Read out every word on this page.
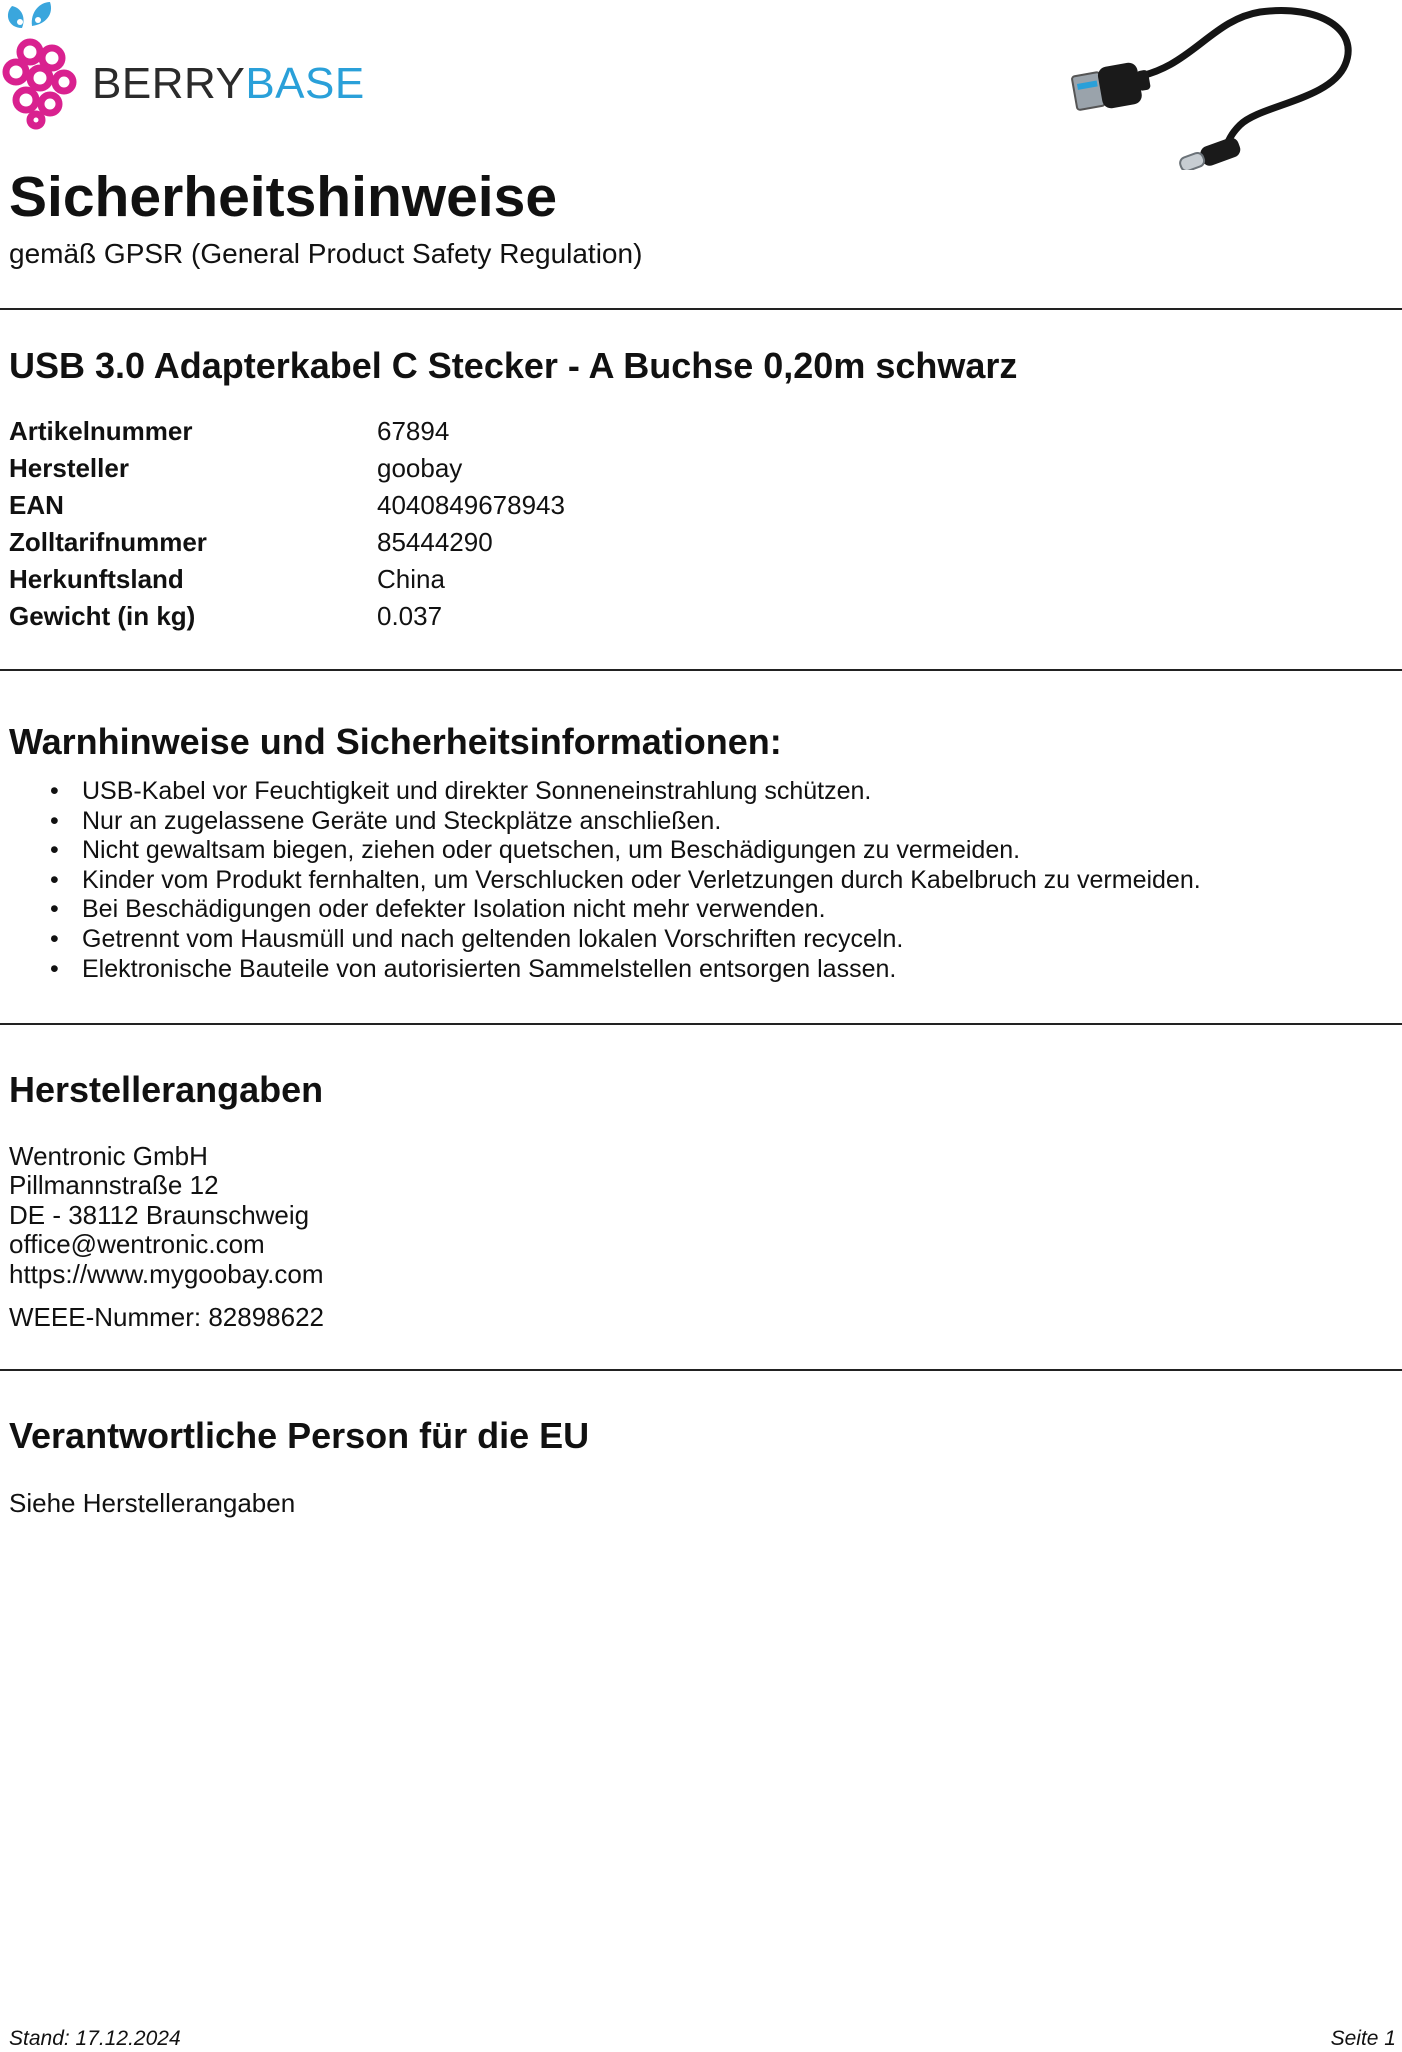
BERRYBASE
Sicherheitshinweise
gemäß GPSR (General Product Safety Regulation)
USB 3.0 Adapterkabel C Stecker - A Buchse 0,20m schwarz
Artikelnummer	67894
Hersteller	goobay
EAN	4040849678943
Zolltarifnummer	85444290
Herkunftsland	China
Gewicht (in kg)	0.037
Warnhinweise und Sicherheitsinformationen:
• USB-Kabel vor Feuchtigkeit und direkter Sonneneinstrahlung schützen.
• Nur an zugelassene Geräte und Steckplätze anschließen.
• Nicht gewaltsam biegen, ziehen oder quetschen, um Beschädigungen zu vermeiden.
• Kinder vom Produkt fernhalten, um Verschlucken oder Verletzungen durch Kabelbruch zu vermeiden.
• Bei Beschädigungen oder defekter Isolation nicht mehr verwenden.
• Getrennt vom Hausmüll und nach geltenden lokalen Vorschriften recyceln.
• Elektronische Bauteile von autorisierten Sammelstellen entsorgen lassen.
Herstellerangaben
Wentronic GmbH
Pillmannstraße 12
DE - 38112 Braunschweig
office@wentronic.com
https://www.mygoobay.com
WEEE-Nummer: 82898622
Verantwortliche Person für die EU
Siehe Herstellerangaben
Stand: 17.12.2024	Seite 1
